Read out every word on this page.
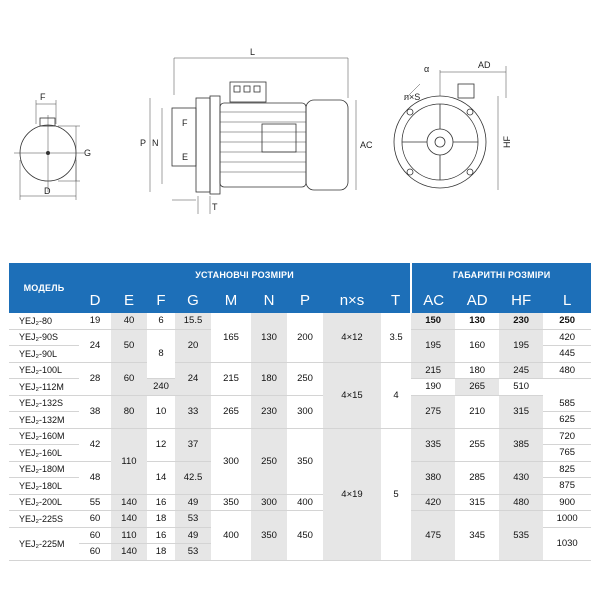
F
G
D
L
P N
F
E
T
AC
AD
α
n×S
HF
МОДЕЛЬ	УСТАНОВЧІ РОЗМІРИ									ГАБАРИТНІ РОЗМІРИ			
	D	E	F	G	M	N	P	n×s	T	AC	AD	HF	L
YEJ₂-80	19	40	6	15.5	165	130	200	4×12	3.5	150	130	230	250
YEJ₂-90S	24	50	8	20						195	160	195	420
YEJ₂-90L													445
YEJ₂-100L	28	60		24	215	180	250	4×15	4	215	180	245	480
YEJ₂-112M			240							190	265	510	
YEJ₂-132S	38	80	10	33	265	230	300			275	210	315	585
YEJ₂-132M													625
YEJ₂-160M	42	110	12	37	300	250	350	4×19	5	335	255	385	720
YEJ₂-160L													765
YEJ₂-180M	48		14	42.5						380	285	430	825
YEJ₂-180L													875
YEJ₂-200L	55	140	16	49	350	300	400			420	315	480	900
YEJ₂-225S	60	140	18	53	400	350	450			475	345	535	1000
YEJ₂-225M	60	110	16	49									1030
	60	140	18	53									
